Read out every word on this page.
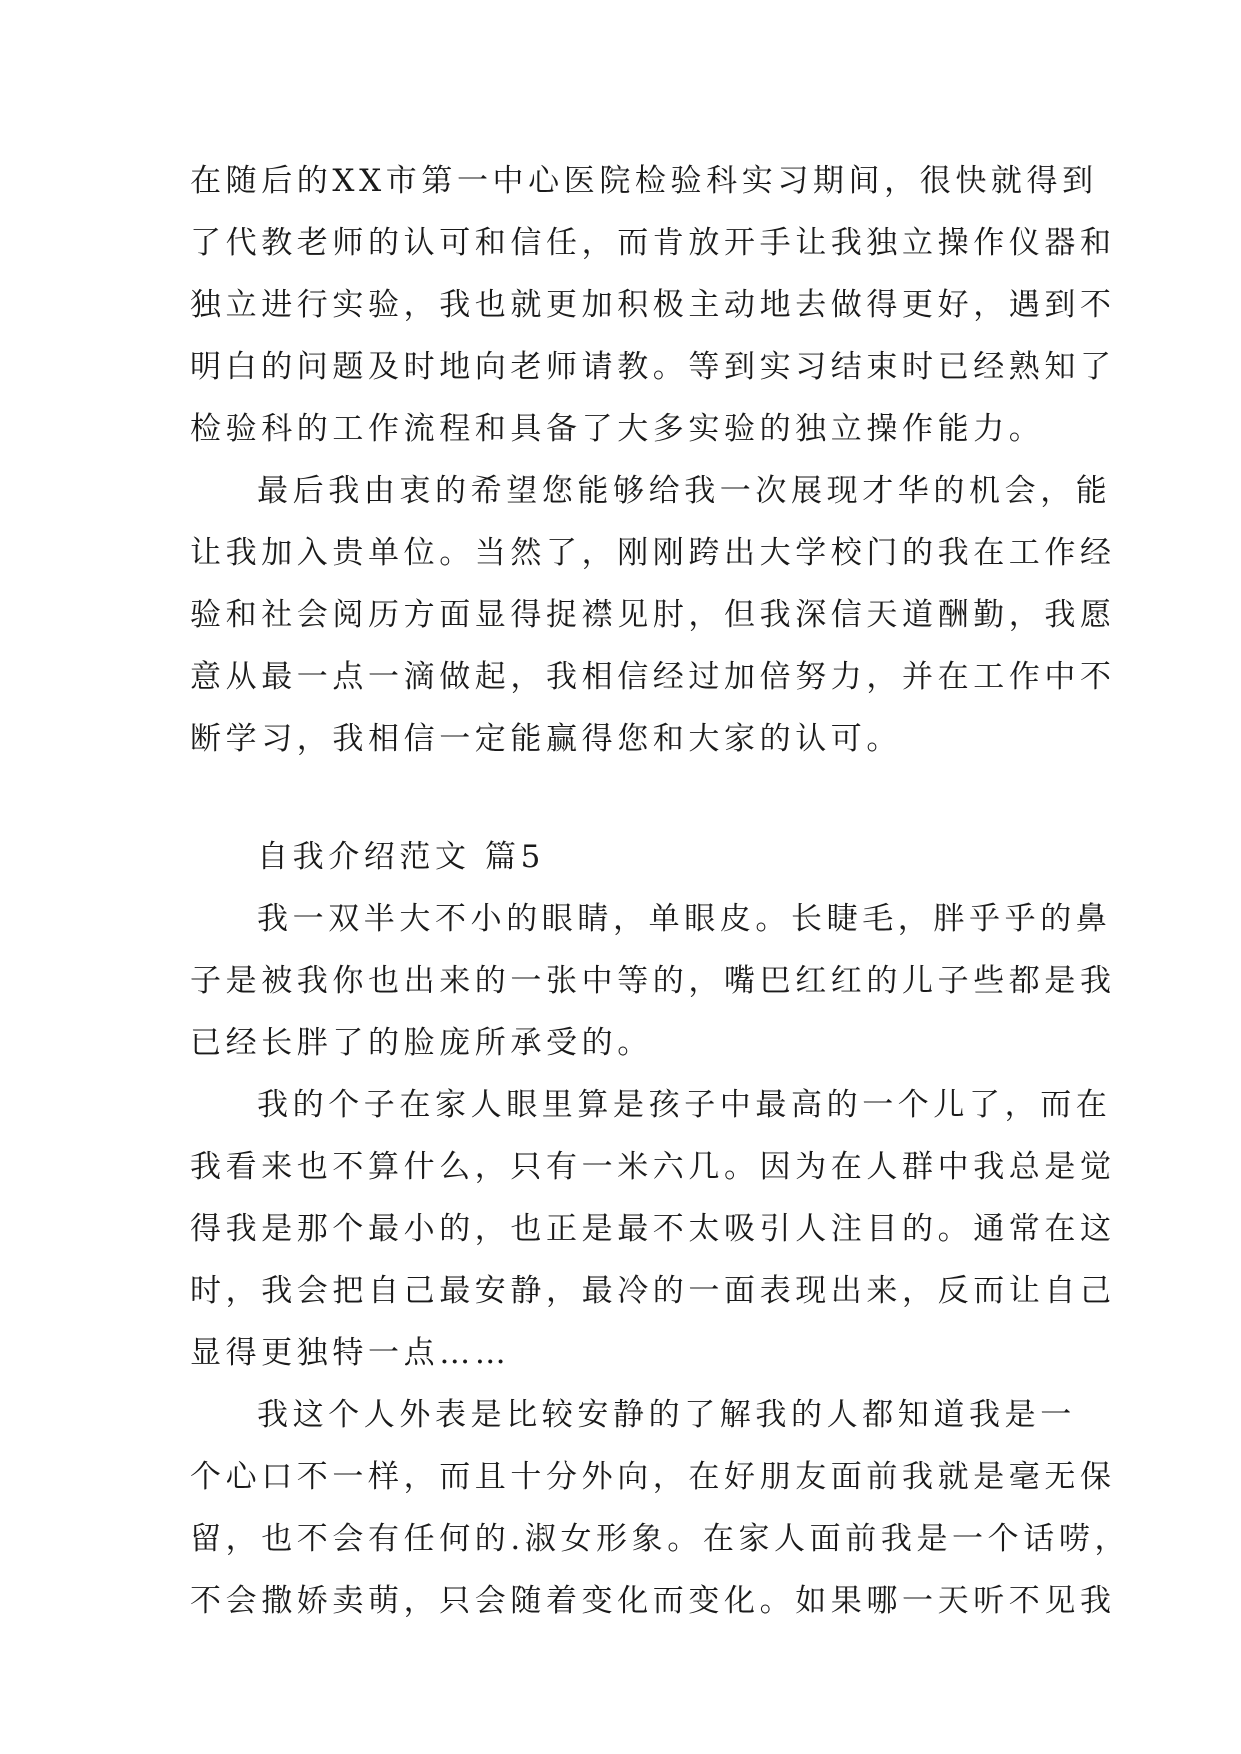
在随后的XX市第一中心医院检验科实习期间，很快就得到
了代教老师的认可和信任，而肯放开手让我独立操作仪器和
独立进行实验，我也就更加积极主动地去做得更好，遇到不
明白的问题及时地向老师请教。等到实习结束时已经熟知了
检验科的工作流程和具备了大多实验的独立操作能力。
最后我由衷的希望您能够给我一次展现才华的机会，能
让我加入贵单位。当然了，刚刚跨出大学校门的我在工作经
验和社会阅历方面显得捉襟见肘，但我深信天道酬勤，我愿
意从最一点一滴做起，我相信经过加倍努力，并在工作中不
断学习，我相信一定能赢得您和大家的认可。
自我介绍范文 篇5
我一双半大不小的眼睛，单眼皮。长睫毛，胖乎乎的鼻
子是被我你也出来的一张中等的，嘴巴红红的儿子些都是我
已经长胖了的脸庞所承受的。
我的个子在家人眼里算是孩子中最高的一个儿了，而在
我看来也不算什么，只有一米六几。因为在人群中我总是觉
得我是那个最小的，也正是最不太吸引人注目的。通常在这
时，我会把自己最安静，最冷的一面表现出来，反而让自己
显得更独特一点……
我这个人外表是比较安静的了解我的人都知道我是一
个心口不一样，而且十分外向，在好朋友面前我就是毫无保
留，也不会有任何的.淑女形象。在家人面前我是一个话唠，
不会撒娇卖萌，只会随着变化而变化。如果哪一天听不见我
